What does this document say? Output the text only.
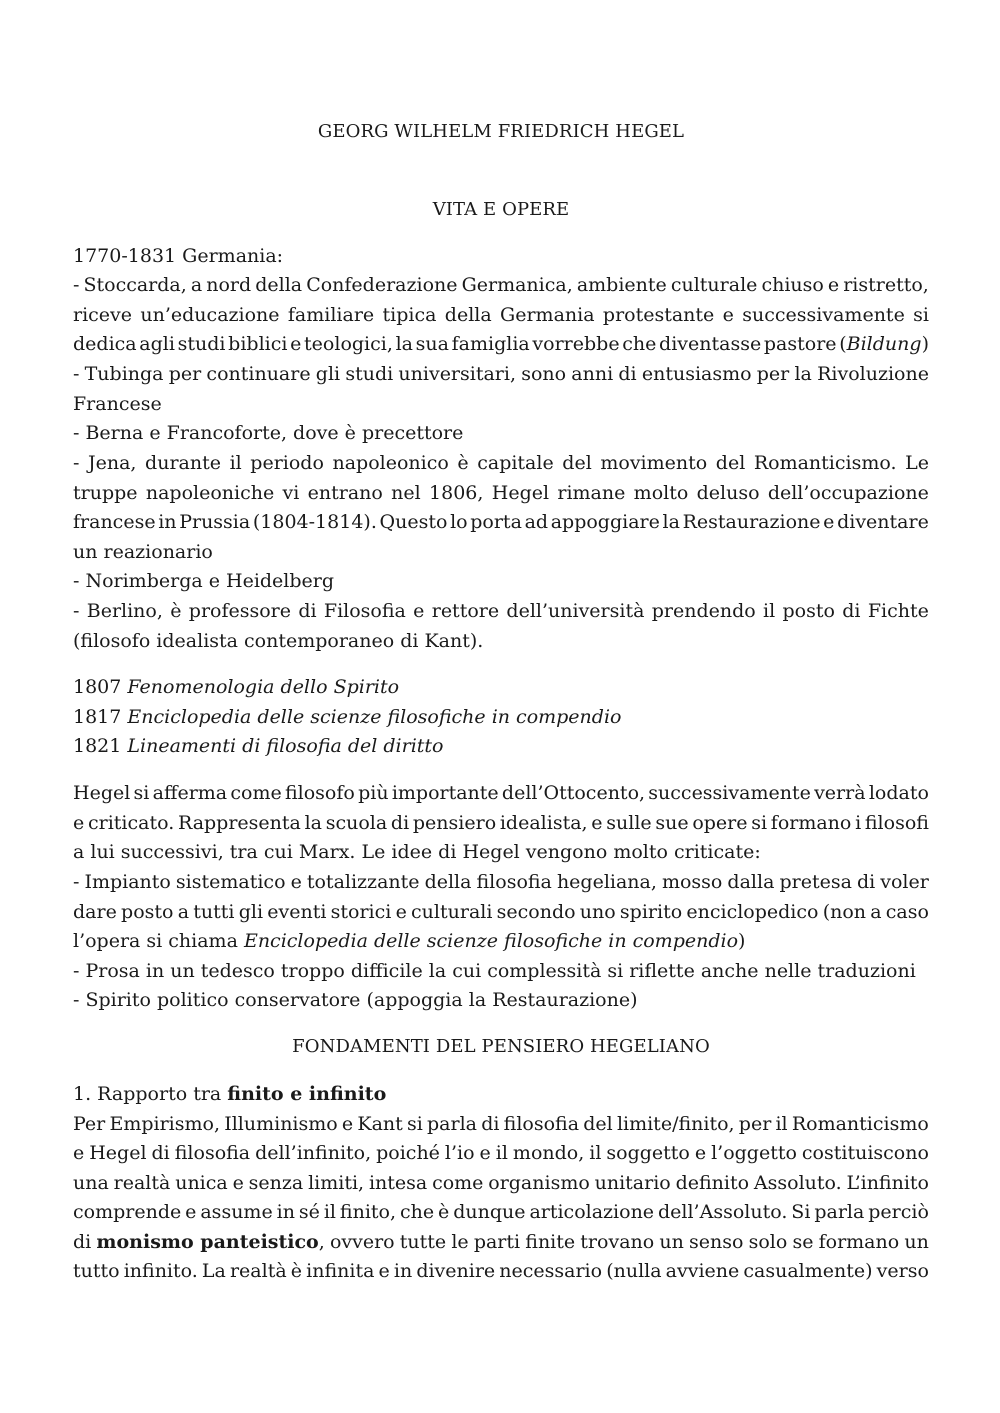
GEORG WILHELM FRIEDRICH HEGEL
VITA E OPERE
1770-1831 Germania:
- Stoccarda, a nord della Confederazione Germanica, ambiente culturale chiuso e ristretto,
riceve un’educazione familiare tipica della Germania protestante e successivamente si
dedica agli studi biblici e teologici, la sua famiglia vorrebbe che diventasse pastore (Bildung)
- Tubinga per continuare gli studi universitari, sono anni di entusiasmo per la Rivoluzione
Francese
- Berna e Francoforte, dove è precettore
- Jena, durante il periodo napoleonico è capitale del movimento del Romanticismo. Le
truppe napoleoniche vi entrano nel 1806, Hegel rimane molto deluso dell’occupazione
francese in Prussia (1804-1814). Questo lo porta ad appoggiare la Restaurazione e diventare
un reazionario
- Norimberga e Heidelberg
- Berlino, è professore di Filosofia e rettore dell’università prendendo il posto di Fichte
(filosofo idealista contemporaneo di Kant).
1807 Fenomenologia dello Spirito
1817 Enciclopedia delle scienze filosofiche in compendio
1821 Lineamenti di filosofia del diritto
Hegel si afferma come filosofo più importante dell’Ottocento, successivamente verrà lodato
e criticato. Rappresenta la scuola di pensiero idealista, e sulle sue opere si formano i filosofi
a lui successivi, tra cui Marx. Le idee di Hegel vengono molto criticate:
- Impianto sistematico e totalizzante della filosofia hegeliana, mosso dalla pretesa di voler
dare posto a tutti gli eventi storici e culturali secondo uno spirito enciclopedico (non a caso
l’opera si chiama Enciclopedia delle scienze filosofiche in compendio)
- Prosa in un tedesco troppo difficile la cui complessità si riflette anche nelle traduzioni
- Spirito politico conservatore (appoggia la Restaurazione)
FONDAMENTI DEL PENSIERO HEGELIANO
1. Rapporto tra finito e infinito
Per Empirismo, Illuminismo e Kant si parla di filosofia del limite/finito, per il Romanticismo
e Hegel di filosofia dell’infinito, poiché l’io e il mondo, il soggetto e l’oggetto costituiscono
una realtà unica e senza limiti, intesa come organismo unitario definito Assoluto. L’infinito
comprende e assume in sé il finito, che è dunque articolazione dell’Assoluto. Si parla perciò
di monismo panteistico, ovvero tutte le parti finite trovano un senso solo se formano un
tutto infinito. La realtà è infinita e in divenire necessario (nulla avviene casualmente) verso
